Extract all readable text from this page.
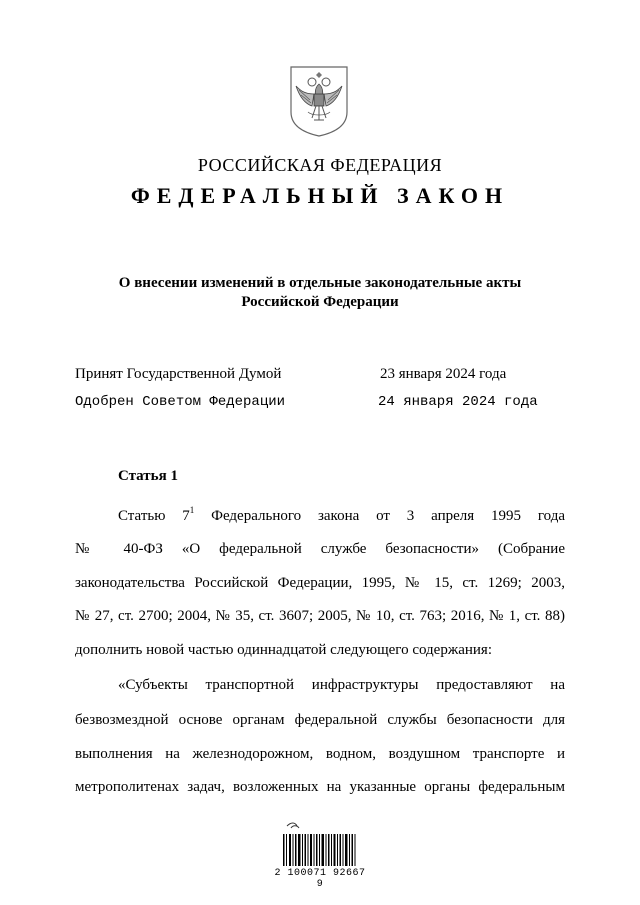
РОССИЙСКАЯ ФЕДЕРАЦИЯ
ФЕДЕРАЛЬНЫЙ ЗАКОН
О внесении изменений в отдельные законодательные акты
Российской Федерации
Принят Государственной Думой	23 января 2024 года
Одобрен Советом Федерации	24 января 2024 года
Статья 1
Статью $7^1$ Федерального закона от 3 апреля 1995 года
№ 40-ФЗ «О федеральной службе безопасности» (Собрание
законодательства Российской Федерации, 1995, № 15, ст. 1269; 2003,
№ 27, ст. 2700; 2004, № 35, ст. 3607; 2005, № 10, ст. 763; 2016, № 1, ст. 88)
дополнить новой частью одиннадцатой следующего содержания:
«Субъекты транспортной инфраструктуры предоставляют на
безвозмездной основе органам федеральной службы безопасности для
выполнения на железнодорожном, водном, воздушном транспорте и
метрополитенах задач, возложенных на указанные органы федеральным
2 100071 92667 9
